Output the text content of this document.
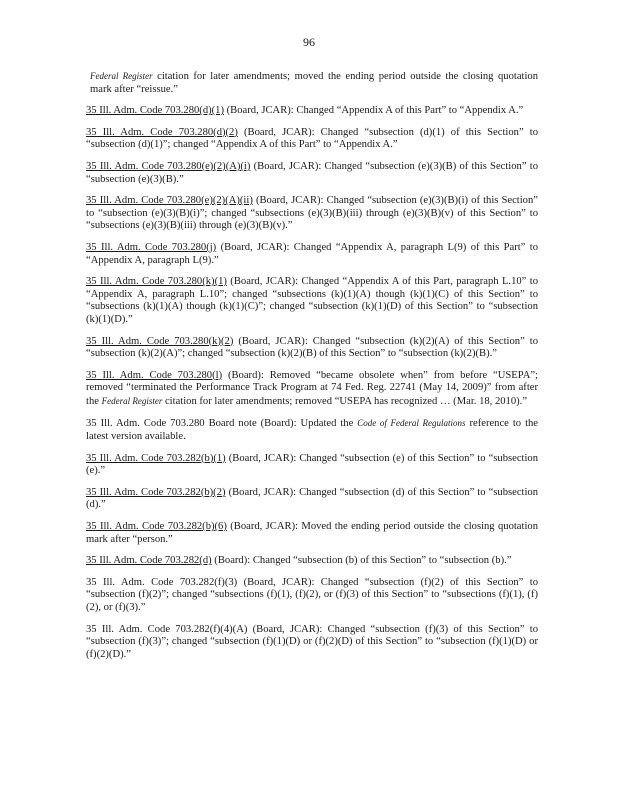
96

Federal Register citation for later amendments; moved the ending period outside the closing quotation mark after “reissue.”

35 Ill. Adm. Code 703.280(d)(1) (Board, JCAR): Changed “Appendix A of this Part” to “Appendix A.”

35 Ill. Adm. Code 703.280(d)(2) (Board, JCAR): Changed “subsection (d)(1) of this Section” to “subsection (d)(1)”; changed “Appendix A of this Part” to “Appendix A.”

35 Ill. Adm. Code 703.280(e)(2)(A)(i) (Board, JCAR): Changed “subsection (e)(3)(B) of this Section” to “subsection (e)(3)(B).”

35 Ill. Adm. Code 703.280(e)(2)(A)(ii) (Board, JCAR): Changed “subsection (e)(3)(B)(i) of this Section” to “subsection (e)(3)(B)(i)”; changed “subsections (e)(3)(B)(iii) through (e)(3)(B)(v) of this Section” to “subsections (e)(3)(B)(iii) through (e)(3)(B)(v).”

35 Ill. Adm. Code 703.280(j) (Board, JCAR): Changed “Appendix A, paragraph L(9) of this Part” to “Appendix A, paragraph L(9).”

35 Ill. Adm. Code 703.280(k)(1) (Board, JCAR): Changed “Appendix A of this Part, paragraph L.10” to “Appendix A, paragraph L.10”; changed “subsections (k)(1)(A) though (k)(1)(C) of this Section” to “subsections (k)(1)(A) though (k)(1)(C)”; changed “subsection (k)(1)(D) of this Section” to “subsection (k)(1)(D).”

35 Ill. Adm. Code 703.280(k)(2) (Board, JCAR): Changed “subsection (k)(2)(A) of this Section” to “subsection (k)(2)(A)”; changed “subsection (k)(2)(B) of this Section” to “subsection (k)(2)(B).”

35 Ill. Adm. Code 703.280(l) (Board): Removed “became obsolete when” from before “USEPA”; removed “terminated the Performance Track Program at 74 Fed. Reg. 22741 (May 14, 2009)” from after the Federal Register citation for later amendments; removed “USEPA has recognized … (Mar. 18, 2010).”

35 Ill. Adm. Code 703.280 Board note (Board): Updated the Code of Federal Regulations reference to the latest version available.

35 Ill. Adm. Code 703.282(b)(1) (Board, JCAR): Changed “subsection (e) of this Section” to “subsection (e).”

35 Ill. Adm. Code 703.282(b)(2) (Board, JCAR): Changed “subsection (d) of this Section” to “subsection (d).”

35 Ill. Adm. Code 703.282(b)(6) (Board, JCAR): Moved the ending period outside the closing quotation mark after “person.”

35 Ill. Adm. Code 703.282(d) (Board): Changed “subsection (b) of this Section” to “subsection (b).”

35 Ill. Adm. Code 703.282(f)(3) (Board, JCAR): Changed “subsection (f)(2) of this Section” to “subsection (f)(2)”; changed “subsections (f)(1), (f)(2), or (f)(3) of this Section” to “subsections (f)(1), (f)(2), or (f)(3).”

35 Ill. Adm. Code 703.282(f)(4)(A) (Board, JCAR): Changed “subsection (f)(3) of this Section” to “subsection (f)(3)”; changed “subsection (f)(1)(D) or (f)(2)(D) of this Section” to “subsection (f)(1)(D) or (f)(2)(D).”
